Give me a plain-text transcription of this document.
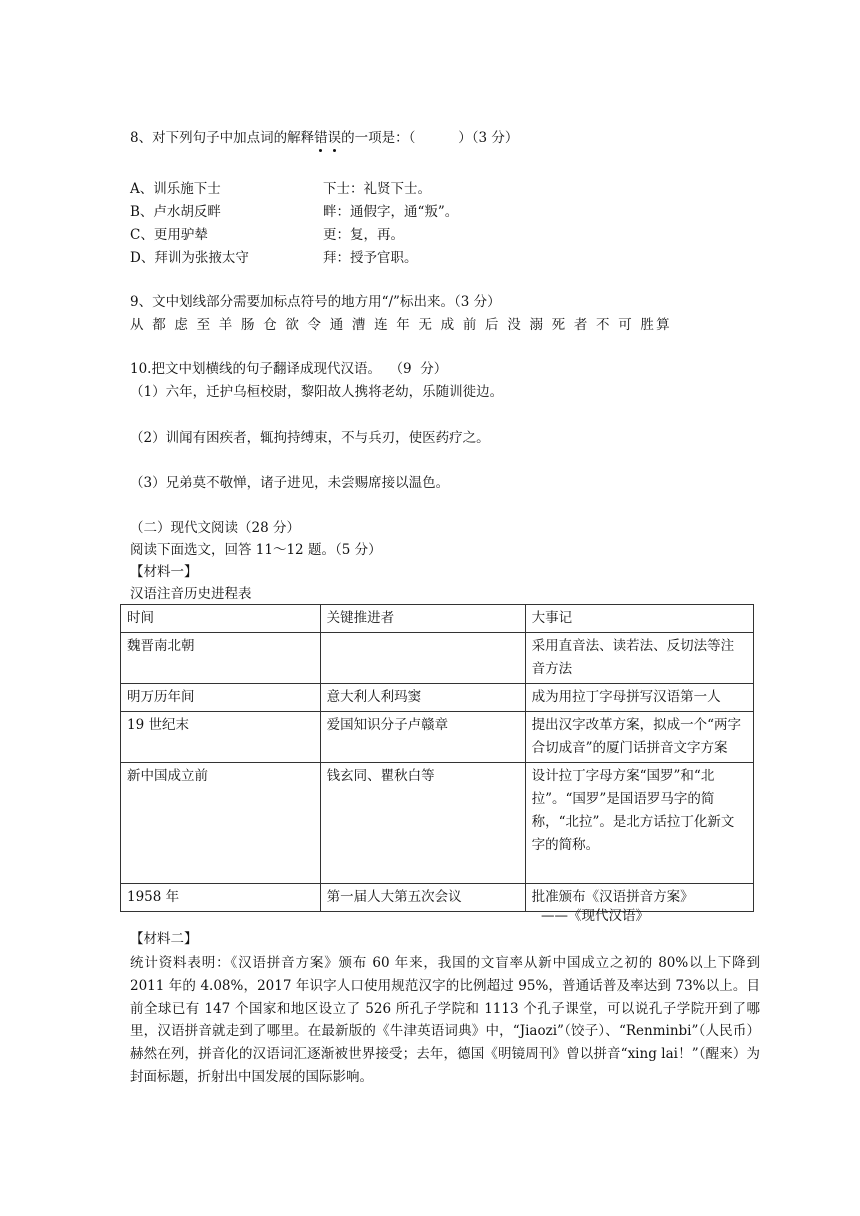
8、对下列句子中加点词的解释错误的一项是：（          ）（3 分）
A、训乐施下士	下士：礼贤下士。
B、卢水胡反畔	畔：通假字，通“叛”。
C、更用驴辇	更：复，再。
D、拜训为张掖太守	拜：授予官职。
9、文中划线部分需要加标点符号的地方用“/”标出来。（3 分）
从 都 虑 至 羊 肠 仓 欲 令 通 漕 连 年 无 成 前 后 没 溺 死 者 不 可 胜算
10.把文中划横线的句子翻译成现代汉语。  （9  分）
（1）六年，迁护乌桓校尉，黎阳故人携将老幼，乐随训徙边。
（2）训闻有困疾者，辄拘持缚束，不与兵刃，使医药疗之。
（3）兄弟莫不敬惮，诸子进见，未尝赐席接以温色。
（二）现代文阅读（28 分）
阅读下面选文，回答 11～12 题。（5 分）
【材料一】
汉语注音历史进程表
时间	关键推进者	大事记
魏晋南北朝		采用直音法、读若法、反切法等注音方法
明万历年间	意大利人利玛窦	成为用拉丁字母拼写汉语第一人
19 世纪末	爱国知识分子卢赣章	提出汉字改革方案，拟成一个“两字合切成音”的厦门话拼音文字方案
新中国成立前	钱玄同、瞿秋白等	设计拉丁字母方案“国罗”和“北拉”。“国罗”是国语罗马字的简称，“北拉”。是北方话拉丁化新文字的简称。
1958 年	第一届人大第五次会议	批准颁布《汉语拼音方案》
——《现代汉语》
【材料二】
统计资料表明：《汉语拼音方案》颁布 60 年来，我国的文盲率从新中国成立之初的 80%以上下降到 2011 年的 4.08%，2017 年识字人口使用规范汉字的比例超过 95%，普通话普及率达到 73%以上。目前全球已有 147 个国家和地区设立了 526 所孔子学院和 1113 个孔子课堂，可以说孔子学院开到了哪里，汉语拼音就走到了哪里。在最新版的《牛津英语词典》中，“Jiaozi”（饺子）、“Renminbi”（人民币）赫然在列，拼音化的汉语词汇逐渐被世界接受；去年，德国《明镜周刊》曾以拼音“xing lai！”（醒来）为封面标题，折射出中国发展的国际影响。
